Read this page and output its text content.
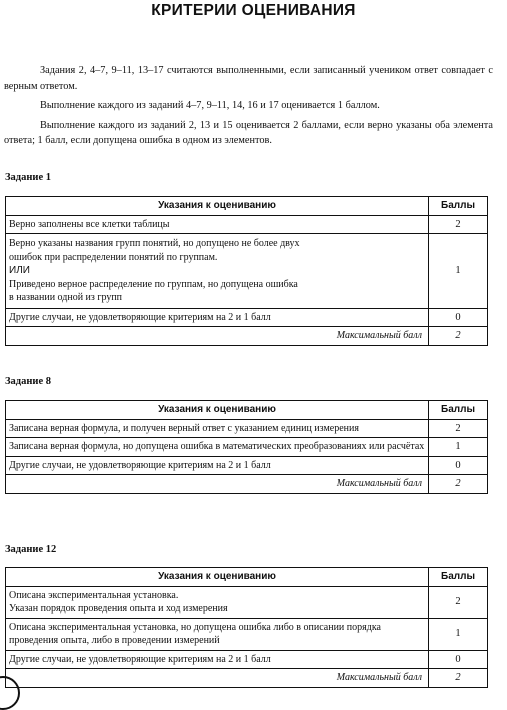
КРИТЕРИИ ОЦЕНИВАНИЯ

Задания 2, 4–7, 9–11, 13–17 считаются выполненными, если записанный учеником ответ совпадает с верным ответом.

Выполнение каждого из заданий 4–7, 9–11, 14, 16 и 17 оценивается 1 баллом.

Выполнение каждого из заданий 2, 13 и 15 оценивается 2 баллами, если верно указаны оба элемента ответа; 1 балл, если допущена ошибка в одном из элементов.

Задание 1
Указания к оцениванию	Баллы

Верно заполнены все клетки таблицы	2

Верно указаны названия групп понятий, но допущено не более двух
ошибок при распределении понятий по группам.
ИЛИ
Приведено верное распределение по группам, но допущена ошибка
в названии одной из групп	1

Другие случаи, не удовлетворяющие критериям на 2 и 1 балл	0
Максимальный балл	2
Задание 8
Указания к оцениванию	Баллы
Записана верная формула, и получен верный ответ с указанием единиц измерения	2
Записана верная формула, но допущена ошибка в математических преобразованиях или расчётах	1
Другие случаи, не удовлетворяющие критериям на 2 и 1 балл	0
Максимальный балл	2
Задание 12
Указания к оцениванию	Баллы

Описана экспериментальная установка.
Указан порядок проведения опыта и ход измерения	2

Описана экспериментальная установка, но допущена ошибка либо в описании порядка проведения опыта, либо в проведении измерений	1

Другие случаи, не удовлетворяющие критериям на 2 и 1 балл	0
Максимальный балл	2
